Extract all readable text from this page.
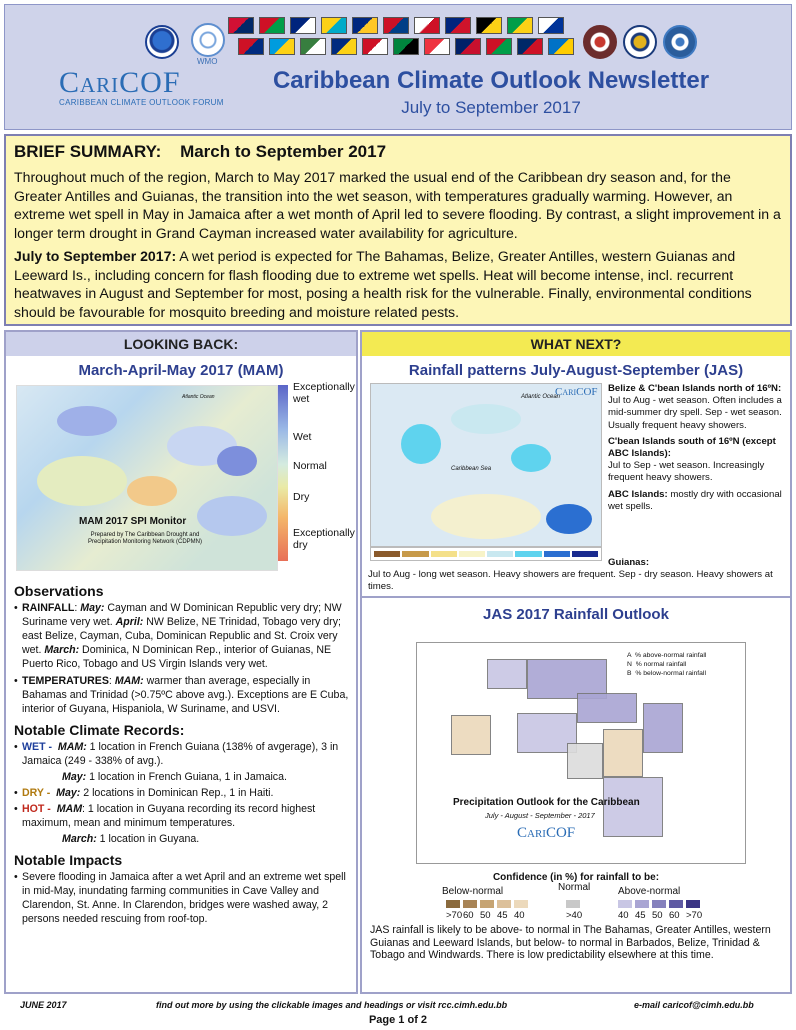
WMO
CariCOF
CARIBBEAN CLIMATE OUTLOOK FORUM
Caribbean Climate Outlook Newsletter
July to September 2017
BRIEF SUMMARY: March to September 2017

Throughout much of the region, March to May 2017 marked the usual end of the Caribbean dry season and, for the Greater Antilles and Guianas, the transition into the wet season, with temperatures gradually warming. However, an extreme wet spell in May in Jamaica after a wet month of April led to severe flooding. By contrast, a slight improvement in a longer term drought in Grand Cayman increased water availability for agriculture.

July to September 2017: A wet period is expected for The Bahamas, Belize, Greater Antilles, western Guianas and Leeward Is., including concern for flash flooding due to extreme wet spells. Heat will become intense, incl. recurrent heatwaves in August and September for most, posing a health risk for the vulnerable. Finally, environmental conditions should be favourable for mosquito breeding and moisture related pests.

LOOKING BACK:
March-April-May 2017 (MAM)
Atlantic Ocean
MAM 2017 SPI Monitor
Prepared by The Caribbean Drought and Precipitation Monitoring Network (CDPMN)
Exceptionally wet
Wet
Normal
Dry
Exceptionally dry
Observations
• RAINFALL: May: Cayman and W Dominican Republic very dry; NW Suriname very wet. April: NW Belize, NE Trinidad, Tobago very dry; east Belize, Cayman, Cuba, Dominican Republic and St. Croix very wet. March: Dominica, N Dominican Rep., interior of Guianas, NE Puerto Rico, Tobago and US Virgin Islands very wet.
• TEMPERATURES: MAM: warmer than average, especially in Bahamas and Trinidad (>0.75ºC above avg.). Exceptions are E Cuba, interior of Guyana, Hispaniola, W Suriname, and USVI.
Notable Climate Records:
• WET - MAM: 1 location in French Guiana (138% of avgerage), 3 in Jamaica (249 - 338% of avg.).
May: 1 location in French Guiana, 1 in Jamaica.
• DRY - May: 2 locations in Dominican Rep., 1 in Haiti.
• HOT - MAM: 1 location in Guyana recording its record highest maximum, mean and minimum temperatures.
March: 1 location in Guyana.
Notable Impacts
• Severe flooding in Jamaica after a wet April and an extreme wet spell in mid-May, inundating farming communities in Cave Valley and Clarendon, St. Anne. In Clarendon, bridges were washed away, 2 persons needed rescuing from roof-top.
WHAT NEXT?
Rainfall patterns July-August-September (JAS)
Atlantic Ocean
Caribbean Sea
CariCOF Belize & C'bean Islands north of 16ºN:
Jul to Aug - wet season. Often includes a mid-summer dry spell. Sep - wet season. Usually frequent heavy showers.

C'bean Islands south of 16ºN (except ABC Islands):
Jul to Sep - wet season. Increasingly frequent heavy showers.

ABC Islands: mostly dry with occasional wet spells.

Guianas:
Jul to Aug - long wet season. Heavy showers are frequent. Sep - dry season. Heavy showers at times.
JAS 2017 Rainfall Outlook
A  % above-normal rainfall
N  % normal rainfall
B  % below-normal rainfall
Precipitation Outlook for the Caribbean
July - August - September - 2017
CariCOF
Confidence (in %) for rainfall to be:
Below-normal	Normal	Above-normal
>70 60 50 45 40	>40	40 45 50 60 >70
JAS rainfall is likely to be above- to normal in The Bahamas, Greater Antilles, western Guianas and Leeward Islands, but below- to normal in Barbados, Belize, Trinidad & Tobago and Windwards. There is low predictability elsewhere at this time.
JUNE 2017	find out more by using the clickable images and headings or visit rcc.cimh.edu.bb	e-mail caricof@cimh.edu.bb
Page 1 of 2
